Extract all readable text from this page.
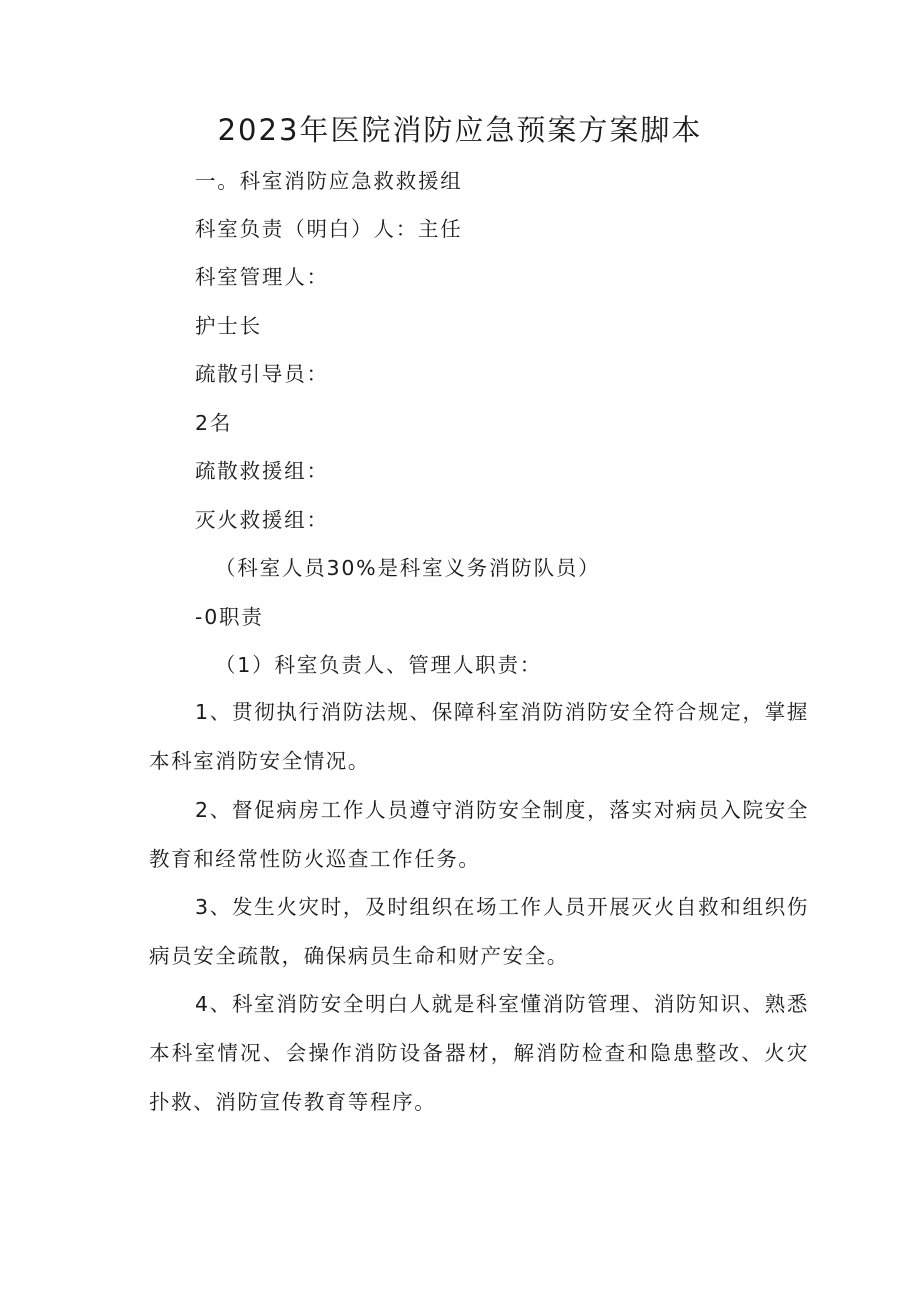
2023年医院消防应急预案方案脚本
一。科室消防应急救救援组
科室负责（明白）人：主任
科室管理人：
护士长
疏散引导员：
2名
疏散救援组：
灭火救援组：
（科室人员30%是科室义务消防队员）
-0职责
（1）科室负责人、管理人职责：

1、贯彻执行消防法规、保障科室消防消防安全符合规定，掌握本科室消防安全情况。

2、督促病房工作人员遵守消防安全制度，落实对病员入院安全教育和经常性防火巡查工作任务。

3、发生火灾时，及时组织在场工作人员开展灭火自救和组织伤病员安全疏散，确保病员生命和财产安全。

4、科室消防安全明白人就是科室懂消防管理、消防知识、熟悉本科室情况、会操作消防设备器材，解消防检查和隐患整改、火灾扑救、消防宣传教育等程序。
